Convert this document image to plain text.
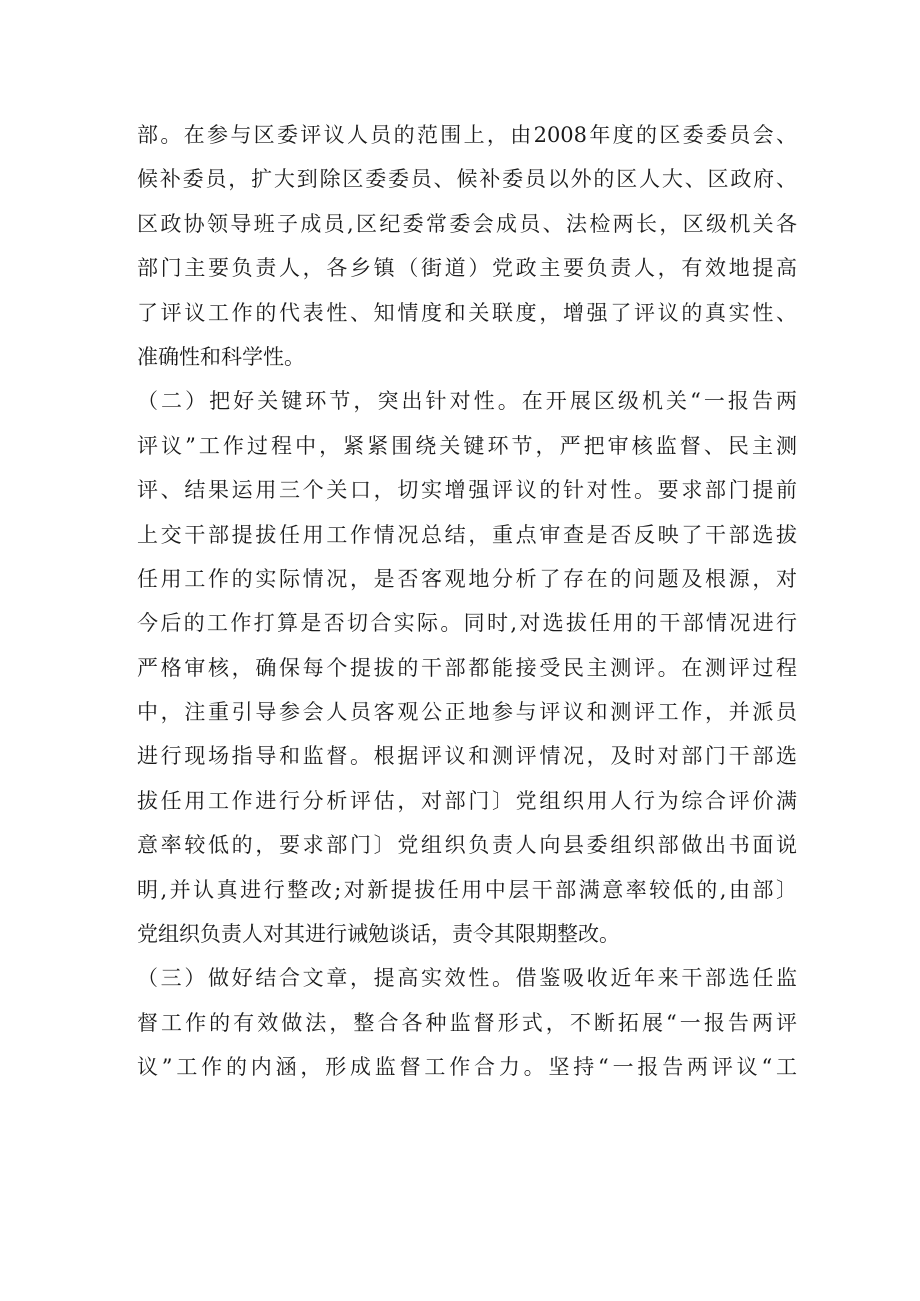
部。在参与区委评议人员的范围上，由2008年度的区委委员会、
候补委员，扩大到除区委委员、候补委员以外的区人大、区政府、
区政协领导班子成员,区纪委常委会成员、法检两长，区级机关各
部门主要负责人，各乡镇（街道）党政主要负责人，有效地提高
了评议工作的代表性、知情度和关联度，增强了评议的真实性、
准确性和科学性。
（二）把好关键环节，突出针对性。在开展区级机关“一报告两
评议”工作过程中，紧紧围绕关键环节，严把审核监督、民主测
评、结果运用三个关口，切实增强评议的针对性。要求部门提前
上交干部提拔任用工作情况总结，重点审查是否反映了干部选拔
任用工作的实际情况，是否客观地分析了存在的问题及根源，对
今后的工作打算是否切合实际。同时,对选拔任用的干部情况进行
严格审核，确保每个提拔的干部都能接受民主测评。在测评过程
中，注重引导参会人员客观公正地参与评议和测评工作，并派员
进行现场指导和监督。根据评议和测评情况，及时对部门干部选
拔任用工作进行分析评估，对部门〕党组织用人行为综合评价满
意率较低的，要求部门〕党组织负责人向县委组织部做出书面说
明,并认真进行整改;对新提拔任用中层干部满意率较低的,由部〕
党组织负责人对其进行诫勉谈话，责令其限期整改。
（三）做好结合文章，提高实效性。借鉴吸收近年来干部选任监
督工作的有效做法，整合各种监督形式，不断拓展“一报告两评
议”工作的内涵，形成监督工作合力。坚持“一报告两评议“工
